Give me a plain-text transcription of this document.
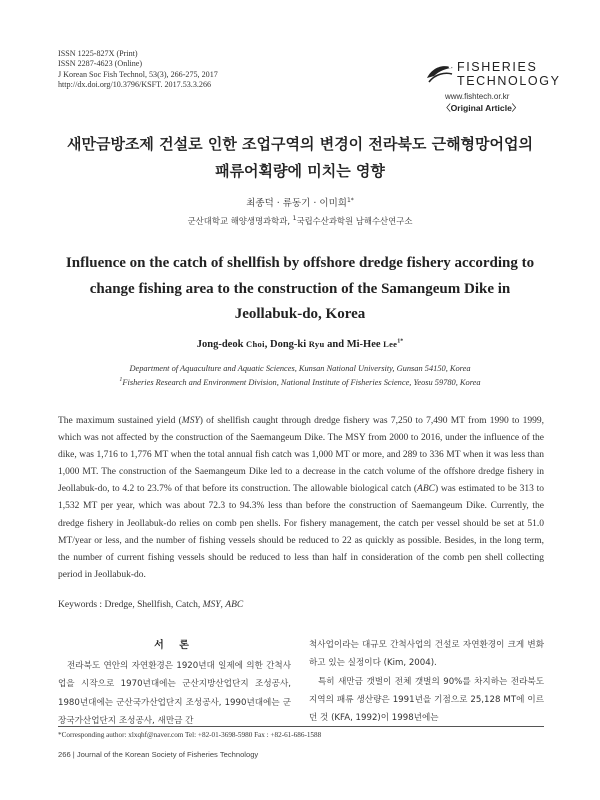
ISSN 1225-827X (Print)
ISSN 2287-4623 (Online)
J Korean Soc Fish Technol, 53(3), 266-275, 2017
http://dx.doi.org/10.3796/KSFT. 2017.53.3.266
FISHERIES
TECHNOLOGY
www.fishtech.or.kr
〈Original Article〉
새만금방조제 건설로 인한 조업구역의 변경이 전라북도 근해형망어업의
패류어획량에 미치는 영향
최종덕 · 류동기 · 이미희$^{1*}$
군산대학교 해양생명과학과, $^1$국립수산과학원 남해수산연구소
Influence on the catch of shellfish by offshore dredge fishery according to
change fishing area to the construction of the Samangeum Dike in
Jeollabuk-do, Korea
Jong-deok Choi, Dong-ki Ryu and Mi-Hee Lee$^{1*}$
Department of Aquaculture and Aquatic Sciences, Kunsan National University, Gunsan 54150, Korea
$^1$Fisheries Research and Environment Division, National Institute of Fisheries Science, Yeosu 59780, Korea
The maximum sustained yield (MSY) of shellfish caught through dredge fishery was 7,250 to 7,490 MT from 1990 to 1999, which was not affected by the construction of the Saemangeum Dike. The MSY from 2000 to 2016, under the influence of the dike, was 1,716 to 1,776 MT when the total annual fish catch was 1,000 MT or more, and 289 to 336 MT when it was less than 1,000 MT. The construction of the Saemangeum Dike led to a decrease in the catch volume of the offshore dredge fishery in Jeollabuk-do, to 4.2 to 23.7% of that before its construction. The allowable biological catch (ABC) was estimated to be 313 to 1,532 MT per year, which was about 72.3 to 94.3% less than before the construction of Saemangeum Dike. Currently, the dredge fishery in Jeollabuk-do relies on comb pen shells. For fishery management, the catch per vessel should be set at 51.0 MT/year or less, and the number of fishing vessels should be reduced to 22 as quickly as possible. Besides, in the long term, the number of current fishing vessels should be reduced to less than half in consideration of the comb pen shell collecting period in Jeollabuk-do.
Keywords : Dredge, Shellfish, Catch, MSY, ABC
서 론

전라북도 연안의 자연환경은 1920년대 일제에 의한 간척사업을 시작으로 1970년대에는 군산지방산업단지 조성공사, 1980년대에는 군산국가산업단지 조성공사, 1990년대에는 군장국가산업단지 조성공사, 새만금 간

척사업이라는 대규모 간척사업의 건설로 자연환경이 크게 변화하고 있는 실정이다 (Kim, 2004).

특히 새만금 갯벌이 전체 갯벌의 90%를 차지하는 전라북도 지역의 패류 생산량은 1991년을 기점으로 25,128 MT에 이르던 것 (KFA, 1992)이 1998년에는

*Corresponding author: xlxqhf@naver.com Tel: +82-01-3698-5980 Fax : +82-61-686-1588
266 | Journal of the Korean Society of Fisheries Technology
